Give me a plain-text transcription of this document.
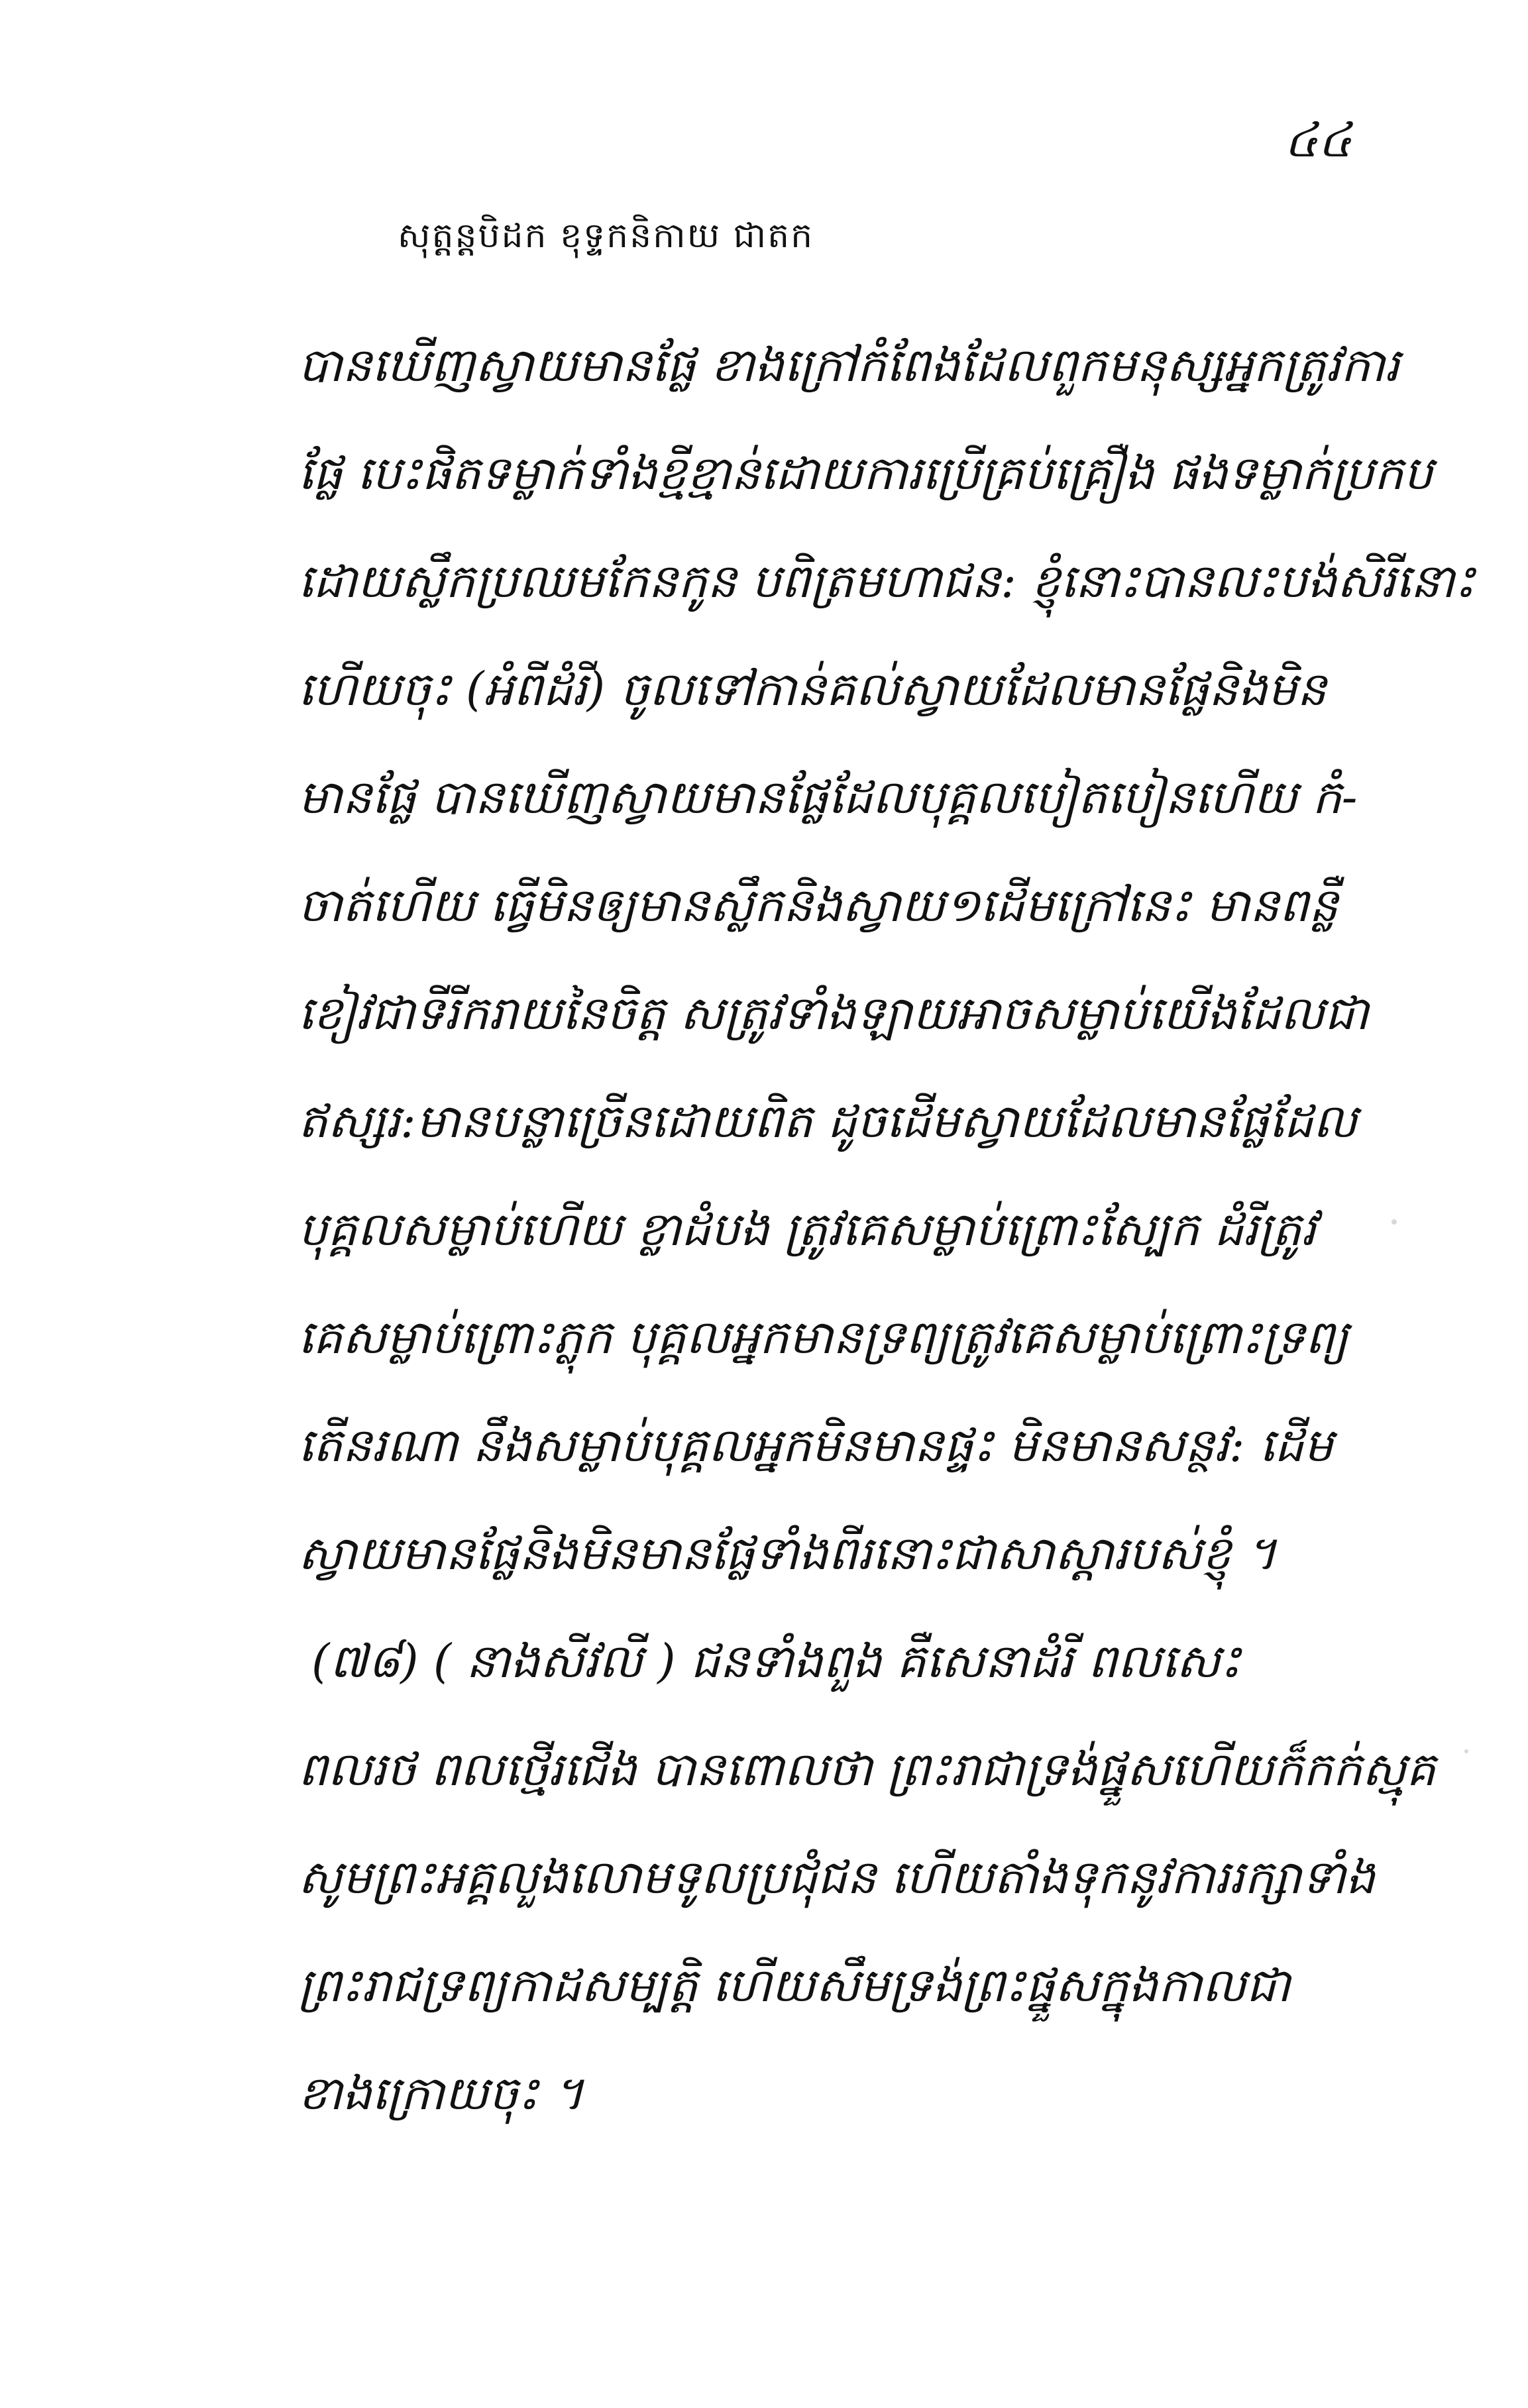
៤៤
សុត្តន្តបិដក ខុទ្ទកនិកាយ ជាតក
បានឃើញស្វាយមានផ្លែ ខាងក្រៅកំពែងដែលពួកមនុស្សអ្នកត្រូវការ
ផ្លែ បេះផិតទម្លាក់ទាំងខ្មីខ្មាន់ដោយការប្រើគ្រប់គ្រឿង ផងទម្លាក់ប្រកប
ដោយស្លឹកប្រឈមកែនកូន បពិត្រមហាជន: ខ្ញុំនោះបានលះបង់សិរីនោះ
ហើយចុះ (អំពីដំរី) ចូលទៅកាន់គល់ស្វាយដែលមានផ្លែនិងមិន
មានផ្លែ បានឃើញស្វាយមានផ្លែដែលបុគ្គលបៀតបៀនហើយ កំ-
ចាត់ហើយ ធ្វើមិនឲ្យមានស្លឹកនិងស្វាយ១ដើមក្រៅនេះ មានពន្លឺ
ខៀវជាទីរីករាយនៃចិត្ត សត្រូវទាំងឡាយអាចសម្លាប់យើងដែលជា
ឥស្សរ:មានបន្លាច្រើនដោយពិត ដូចដើមស្វាយដែលមានផ្លែដែល
បុគ្គលសម្លាប់ហើយ ខ្លាដំបង ត្រូវគេសម្លាប់ព្រោះស្បែក ដំរីត្រូវ
គេសម្លាប់ព្រោះភ្លុក បុគ្គលអ្នកមានទ្រព្យត្រូវគេសម្លាប់ព្រោះទ្រព្យ
តើនរណា នឹងសម្លាប់បុគ្គលអ្នកមិនមានផ្ទះ មិនមានសន្ថវ: ដើម
ស្វាយមានផ្លែនិងមិនមានផ្លែទាំងពីរនោះជាសាស្តារបស់ខ្ញុំ ។
(៧៨) ( នាងសីវលី ) ជនទាំងពួង គឺសេនាដំរី ពលសេះ
ពលរថ ពលថ្មើរជើង បានពោលថា ព្រះរាជាទ្រង់ផ្នួសហើយក៏កក់ស្មុគ
សូមព្រះអគ្គលួងលោមទូលប្រជុំជន ហើយតាំងទុកនូវការរក្សាទាំង
ព្រះរាជទ្រព្យកាដសម្បត្តិ ហើយសឹមទ្រង់ព្រះផ្នួសក្នុងកាលជា
ខាងក្រោយចុះ ។
